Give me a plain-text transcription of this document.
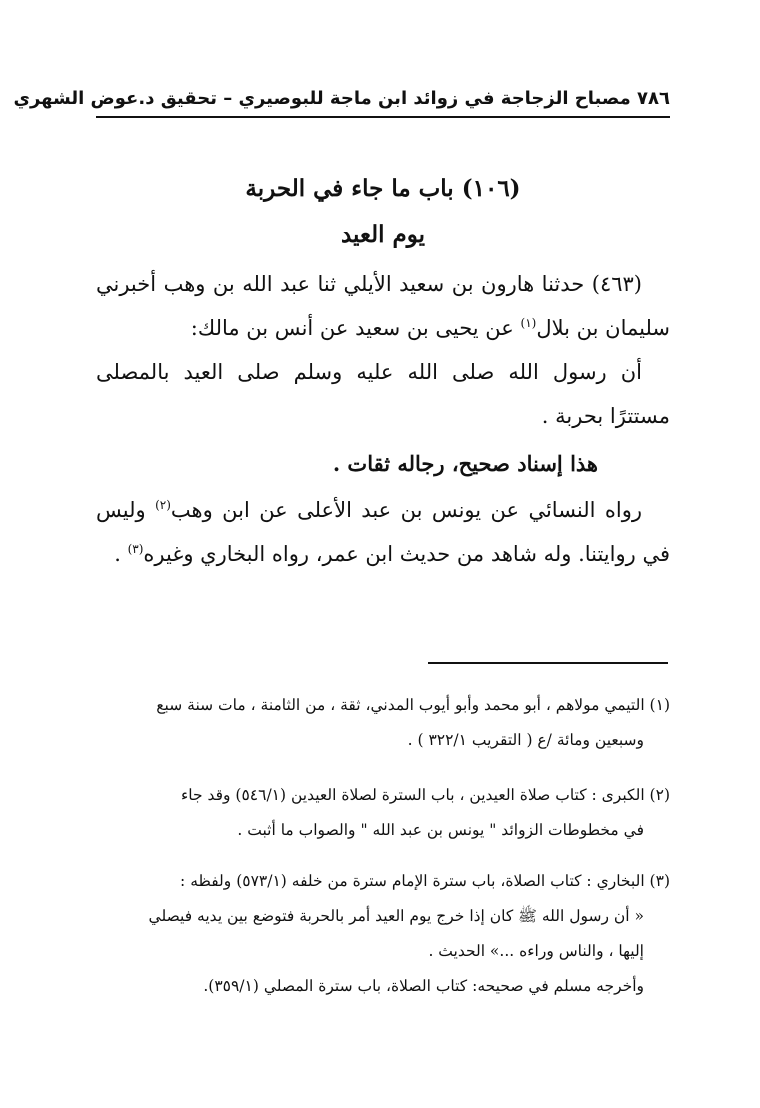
٧٨٦ مصباح الزجاجة في زوائد ابن ماجة للبوصيري – تحقيق د.عوض الشهري
(١٠٦) باب ما جاء في الحربة
يوم العيد
(٤٦٣) حدثنا هارون بن سعيد الأيلي ثنا عبد الله بن وهب أخبرني سليمان بن بلال$^{(١)}$ عن يحيى بن سعيد عن أنس بن مالك:
أن رسول الله صلى الله عليه وسلم صلى العيد بالمصلى مستترًا بحربة .
هذا إسناد صحيح، رجاله ثقات .
رواه النسائي عن يونس بن عبد الأعلى عن ابن وهب$^{(٢)}$ وليس في روايتنا. وله شاهد من حديث ابن عمر، رواه البخاري وغيره$^{(٣)}$ .
(١) التيمي مولاهم ، أبو محمد وأبو أيوب المدني، ثقة ، من الثامنة ، مات سنة سبع
وسبعين ومائة /ع ( التقريب ٣٢٢/١ ) .
(٢) الكبرى : كتاب صلاة العيدين ، باب السترة لصلاة العيدين (٥٤٦/١) وقد جاء
في مخطوطات الزوائد " يونس بن عبد الله " والصواب ما أثبت .
(٣) البخاري : كتاب الصلاة، باب سترة الإمام سترة من خلفه (٥٧٣/١) ولفظه :
« أن رسول الله ﷺ كان إذا خرج يوم العيد أمر بالحربة فتوضع بين يديه فيصلي
إليها ، والناس وراءه ...» الحديث .
وأخرجه مسلم في صحيحه: كتاب الصلاة، باب سترة المصلي (٣٥٩/١).
